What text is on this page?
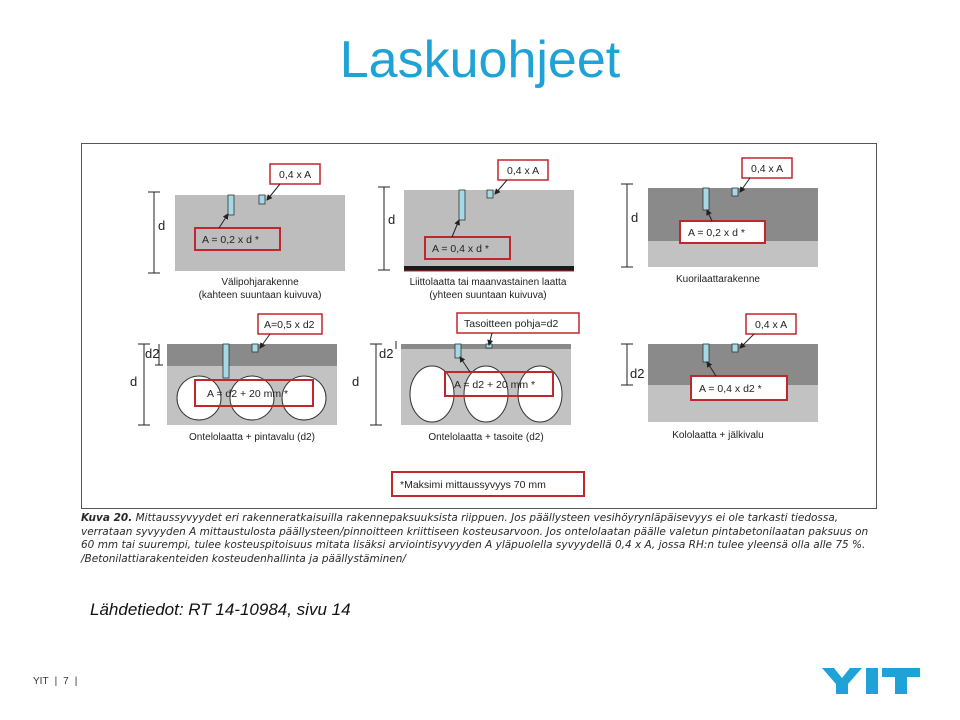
Laskuohjeet
d
0,4 x A
A = 0,2 x d *
Välipohjarakenne
(kahteen suuntaan kuivuva)
d
0,4 x A
A = 0,4 x d *
Liittolaatta tai maanvastainen laatta
(yhteen suuntaan kuivuva)
d
0,4 x A
A = 0,2 x d *
Kuorilaattarakenne
d2
d
A=0,5 x d2
A = d2 + 20 mm *
Ontelolaatta + pintavalu (d2)
d2
d
Tasoitteen pohja=d2
A = d2 + 20 mm *
Ontelolaatta + tasoite (d2)
d2
0,4 x A
A = 0,4 x d2 *
Kololaatta + jälkivalu
*Maksimi mittaussyvyys 70 mm
Kuva 20. Mittaussyvyydet eri rakenneratkaisuilla rakennepaksuuksista riippuen. Jos päällysteen vesihöyrynläpäisevyys ei ole tarkasti tiedossa, verrataan syvyyden A mittaustulosta päällysteen/pinnoitteen kriittiseen kosteusarvoon. Jos ontelolaatan päälle valetun pintabetonilaatan paksuus on 60 mm tai suurempi, tulee kosteuspitoisuus mitata lisäksi arviointisyvyyden A yläpuolella syvyydellä 0,4 x A, jossa RH:n tulee yleensä olla alle 75 %. /Betonilattiarakenteiden kosteudenhallinta ja päällystäminen/
Lähdetiedot: RT 14-10984, sivu 14
YIT | 7 |
YIT
